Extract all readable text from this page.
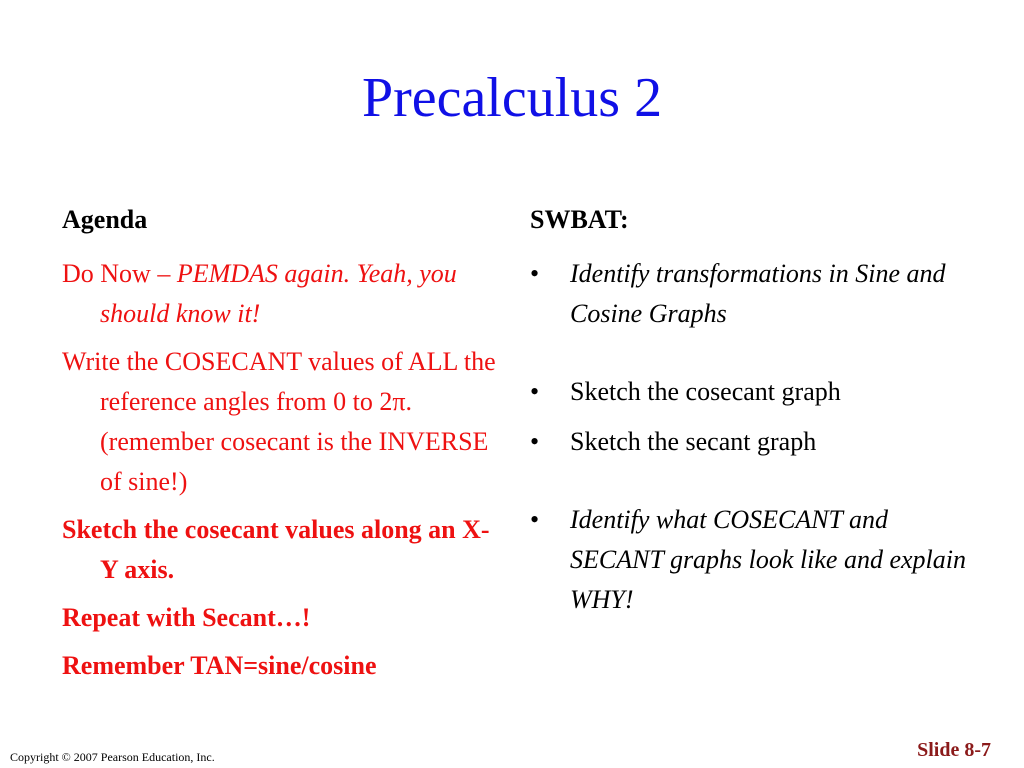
Precalculus 2
Agenda
Do Now – PEMDAS again. Yeah, you should know it!
Write the COSECANT values of ALL the reference angles from 0 to 2π. (remember cosecant is the INVERSE of sine!)
Sketch the cosecant values along an X-Y axis.
Repeat with Secant…!
Remember TAN=sine/cosine
SWBAT:
• Identify transformations in Sine and Cosine Graphs
• Sketch the cosecant graph
• Sketch the secant graph
• Identify what COSECANT and SECANT graphs look like and explain WHY!
Copyright © 2007 Pearson Education, Inc.	Slide 8-7
